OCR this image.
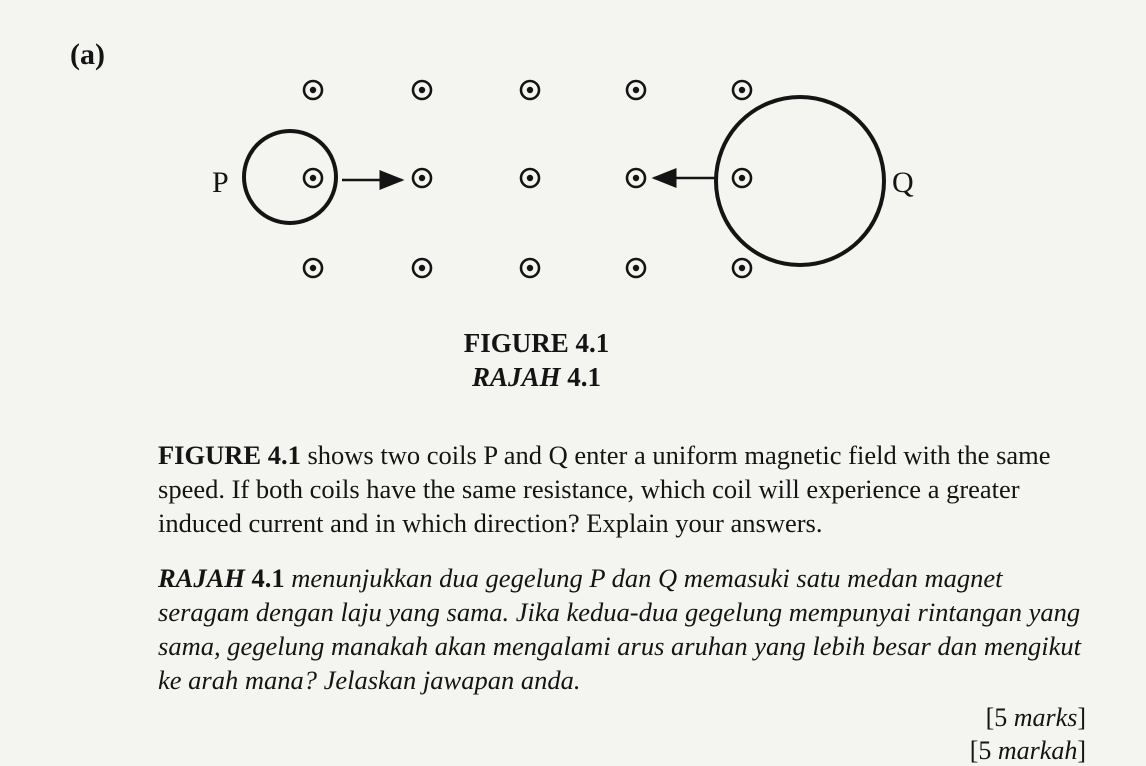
(a)
P	Q
FIGURE 4.1
RAJAH 4.1
FIGURE 4.1 shows two coils P and Q enter a uniform magnetic field with the same speed. If both coils have the same resistance, which coil will experience a greater induced current and in which direction? Explain your answers.
RAJAH 4.1 menunjukkan dua gegelung P dan Q memasuki satu medan magnet seragam dengan laju yang sama. Jika kedua-dua gegelung mempunyai rintangan yang sama, gegelung manakah akan mengalami arus aruhan yang lebih besar dan mengikut ke arah mana? Jelaskan jawapan anda.
[5 marks]
[5 markah]
